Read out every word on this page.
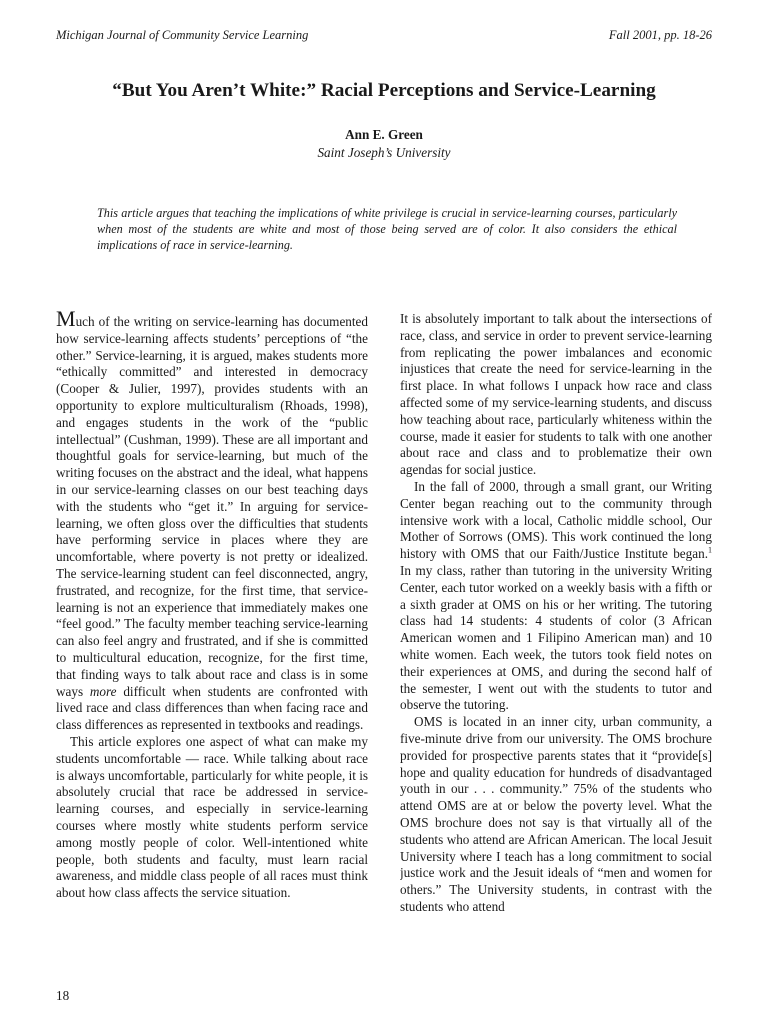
Michigan Journal of Community Service Learning	Fall 2001, pp. 18-26
“But You Aren’t White:” Racial Perceptions and Service-Learning
Ann E. Green
Saint Joseph’s University
This article argues that teaching the implications of white privilege is crucial in service-learning courses, particularly when most of the students are white and most of those being served are of color. It also considers the ethical implications of race in service-learning.

Much of the writing on service-learning has documented how service-learning affects students’ perceptions of “the other.” Service-learning, it is argued, makes students more “ethically committed” and interested in democracy (Cooper & Julier, 1997), provides students with an opportunity to explore multiculturalism (Rhoads, 1998), and engages students in the work of the “public intellectual” (Cushman, 1999). These are all important and thoughtful goals for service-learning, but much of the writing focuses on the abstract and the ideal, what happens in our service-learning classes on our best teaching days with the students who “get it.” In arguing for service-learning, we often gloss over the difficulties that students have performing service in places where they are uncomfortable, where poverty is not pretty or idealized. The service-learning student can feel disconnected, angry, frustrated, and recognize, for the first time, that service-learning is not an experience that immediately makes one “feel good.” The faculty member teaching service-learning can also feel angry and frustrated, and if she is committed to multicultural education, recognize, for the first time, that finding ways to talk about race and class is in some ways more difficult when students are confronted with lived race and class differences than when facing race and class differences as represented in textbooks and readings.

This article explores one aspect of what can make my students uncomfortable — race. While talking about race is always uncomfortable, particularly for white people, it is absolutely crucial that race be addressed in service-learning courses, and especially in service-learning courses where mostly white students perform service among mostly people of color. Well-intentioned white people, both students and faculty, must learn racial awareness, and middle class people of all races must think about how class affects the service situation.

It is absolutely important to talk about the intersections of race, class, and service in order to prevent service-learning from replicating the power imbalances and economic injustices that create the need for service-learning in the first place. In what follows I unpack how race and class affected some of my service-learning students, and discuss how teaching about race, particularly whiteness within the course, made it easier for students to talk with one another about race and class and to problematize their own agendas for social justice.

In the fall of 2000, through a small grant, our Writing Center began reaching out to the community through intensive work with a local, Catholic middle school, Our Mother of Sorrows (OMS). This work continued the long history with OMS that our Faith/Justice Institute began.$^1$ In my class, rather than tutoring in the university Writing Center, each tutor worked on a weekly basis with a fifth or a sixth grader at OMS on his or her writing. The tutoring class had 14 students: 4 students of color (3 African American women and 1 Filipino American man) and 10 white women. Each week, the tutors took field notes on their experiences at OMS, and during the second half of the semester, I went out with the students to tutor and observe the tutoring.

OMS is located in an inner city, urban community, a five-minute drive from our university. The OMS brochure provided for prospective parents states that it “provide[s] hope and quality education for hundreds of disadvantaged youth in our . . . community.” 75% of the students who attend OMS are at or below the poverty level. What the OMS brochure does not say is that virtually all of the students who attend are African American. The local Jesuit University where I teach has a long commitment to social justice work and the Jesuit ideals of “men and women for others.” The University students, in contrast with the students who attend

18
